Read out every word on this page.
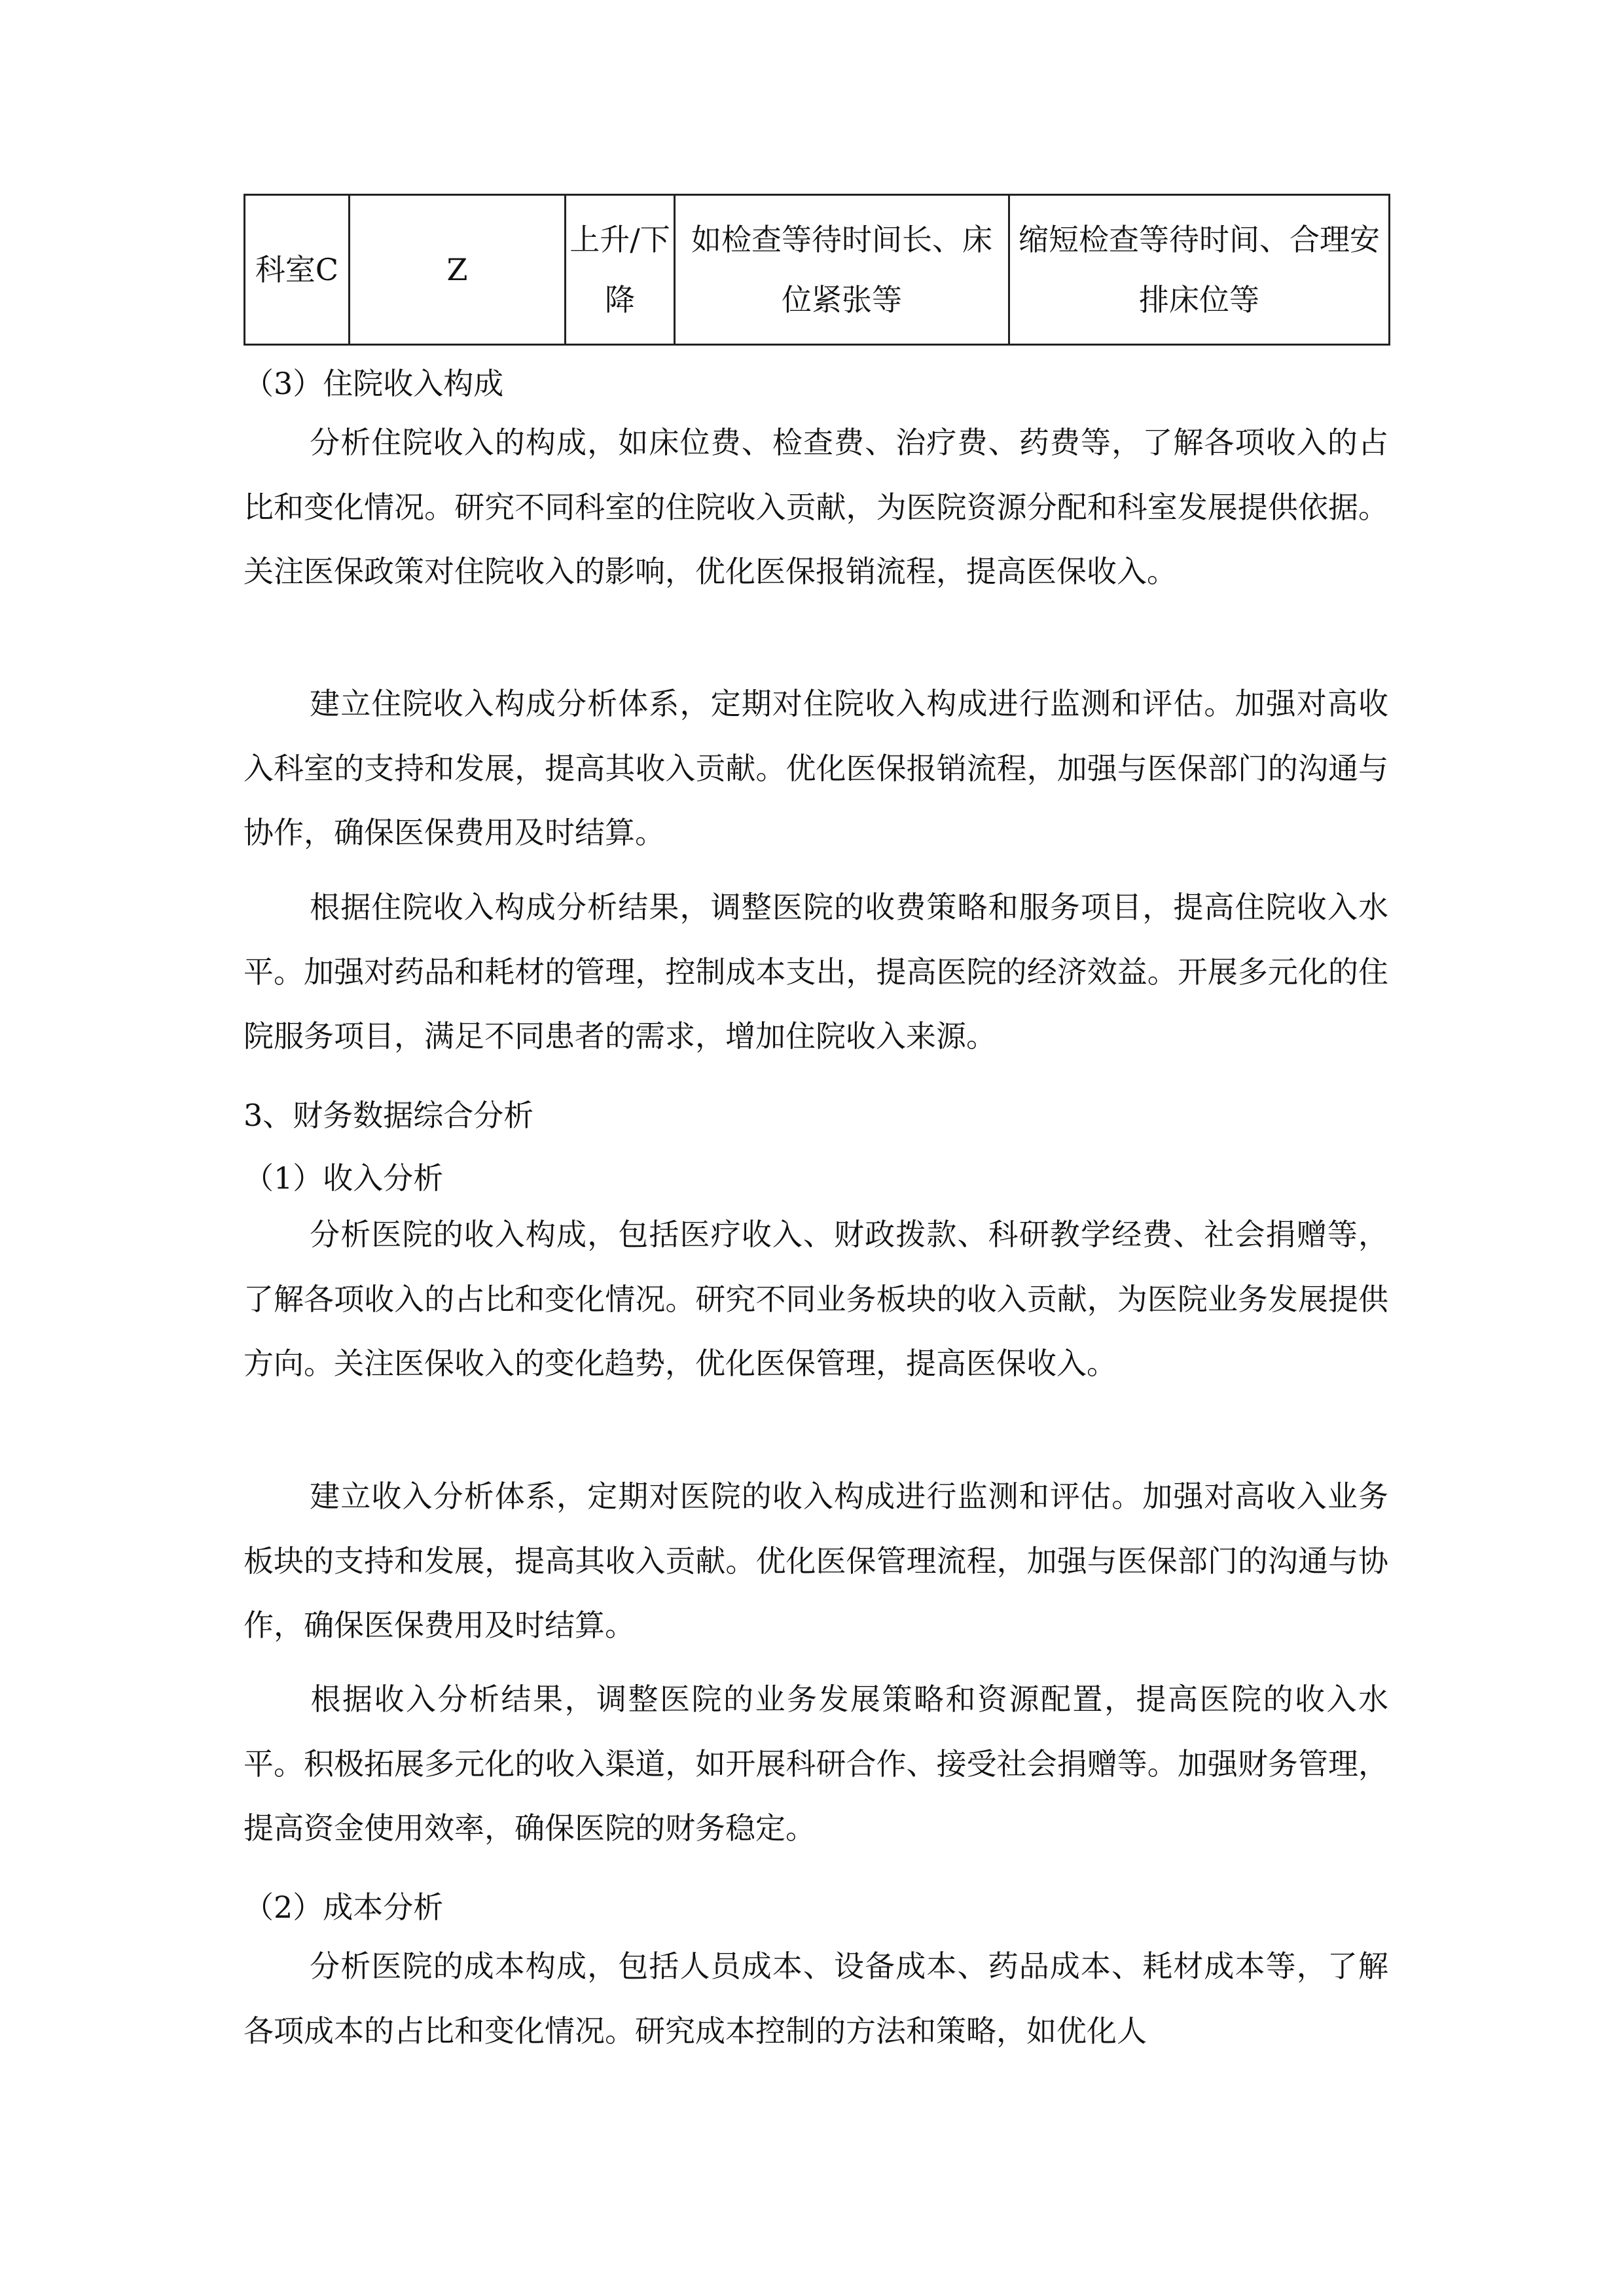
科室C	Z	上升/下降	如检查等待时间长、床位紧张等	缩短检查等待时间、合理安排床位等
（3）住院收入构成

分析住院收入的构成，如床位费、检查费、治疗费、药费等，了解各项收入的占比和变化情况。研究不同科室的住院收入贡献，为医院资源分配和科室发展提供依据。关注医保政策对住院收入的影响，优化医保报销流程，提高医保收入。

建立住院收入构成分析体系，定期对住院收入构成进行监测和评估。加强对高收入科室的支持和发展，提高其收入贡献。优化医保报销流程，加强与医保部门的沟通与协作，确保医保费用及时结算。

根据住院收入构成分析结果，调整医院的收费策略和服务项目，提高住院收入水平。加强对药品和耗材的管理，控制成本支出，提高医院的经济效益。开展多元化的住院服务项目，满足不同患者的需求，增加住院收入来源。

3、财务数据综合分析
（1）收入分析

分析医院的收入构成，包括医疗收入、财政拨款、科研教学经费、社会捐赠等，了解各项收入的占比和变化情况。研究不同业务板块的收入贡献，为医院业务发展提供方向。关注医保收入的变化趋势，优化医保管理，提高医保收入。

建立收入分析体系，定期对医院的收入构成进行监测和评估。加强对高收入业务板块的支持和发展，提高其收入贡献。优化医保管理流程，加强与医保部门的沟通与协作，确保医保费用及时结算。

根据收入分析结果，调整医院的业务发展策略和资源配置，提高医院的收入水平。积极拓展多元化的收入渠道，如开展科研合作、接受社会捐赠等。加强财务管理，提高资金使用效率，确保医院的财务稳定。

（2）成本分析

分析医院的成本构成，包括人员成本、设备成本、药品成本、耗材成本等，了解各项成本的占比和变化情况。研究成本控制的方法和策略，如优化人
